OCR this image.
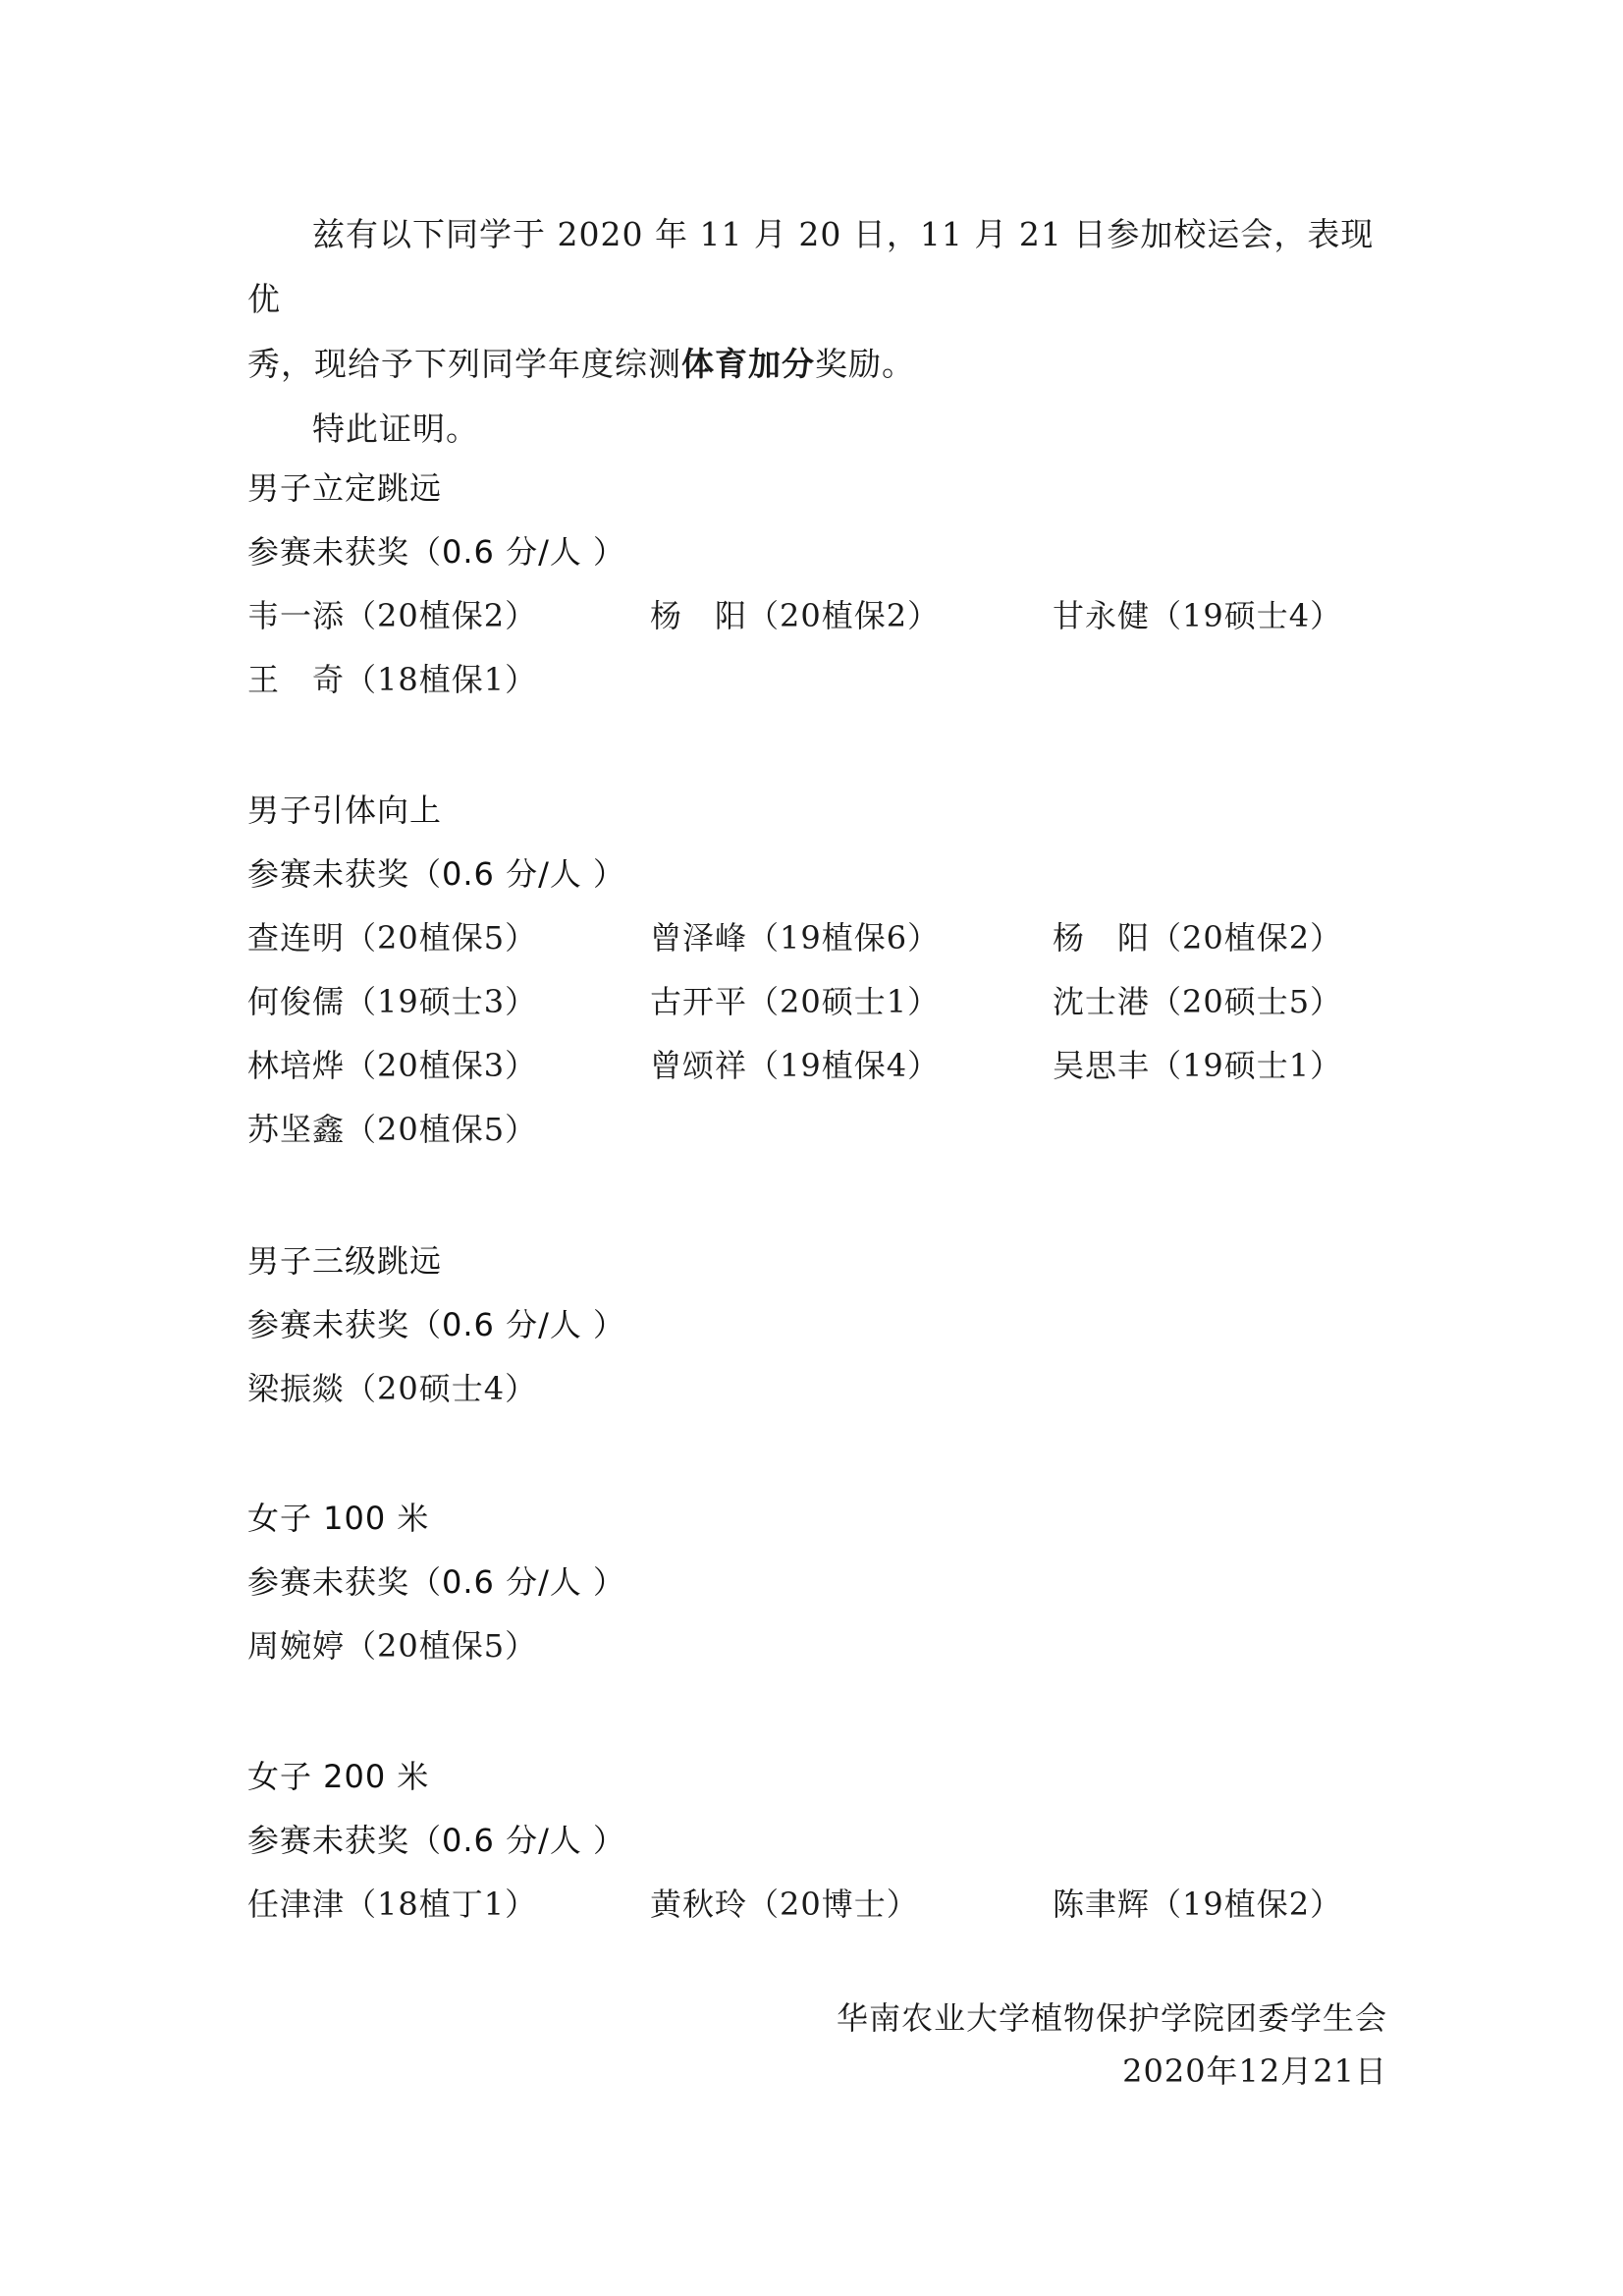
兹有以下同学于 2020 年 11 月 20 日，11 月 21 日参加校运会，表现优

秀，现给予下列同学年度综测体育加分奖励。

特此证明。

男子立定跳远
参赛未获奖（0.6 分/人 ）
韦一添（20植保2）	杨　阳（20植保2）	甘永健（19硕士4）
王　奇（18植保1）
男子引体向上
参赛未获奖（0.6 分/人 ）
查连明（20植保5）	曾泽峰（19植保6）	杨　阳（20植保2）
何俊儒（19硕士3）	古开平（20硕士1）	沈士港（20硕士5）
林培烨（20植保3）	曾颂祥（19植保4）	吴思丰（19硕士1）
苏坚鑫（20植保5）
男子三级跳远
参赛未获奖（0.6 分/人 ）
梁振燚（20硕士4）
女子 100 米
参赛未获奖（0.6 分/人 ）
周婉婷（20植保5）
女子 200 米
参赛未获奖（0.6 分/人 ）
任津津（18植丁1）	黄秋玲（20博士）	陈聿辉（19植保2）
华南农业大学植物保护学院团委学生会
2020年12月21日
